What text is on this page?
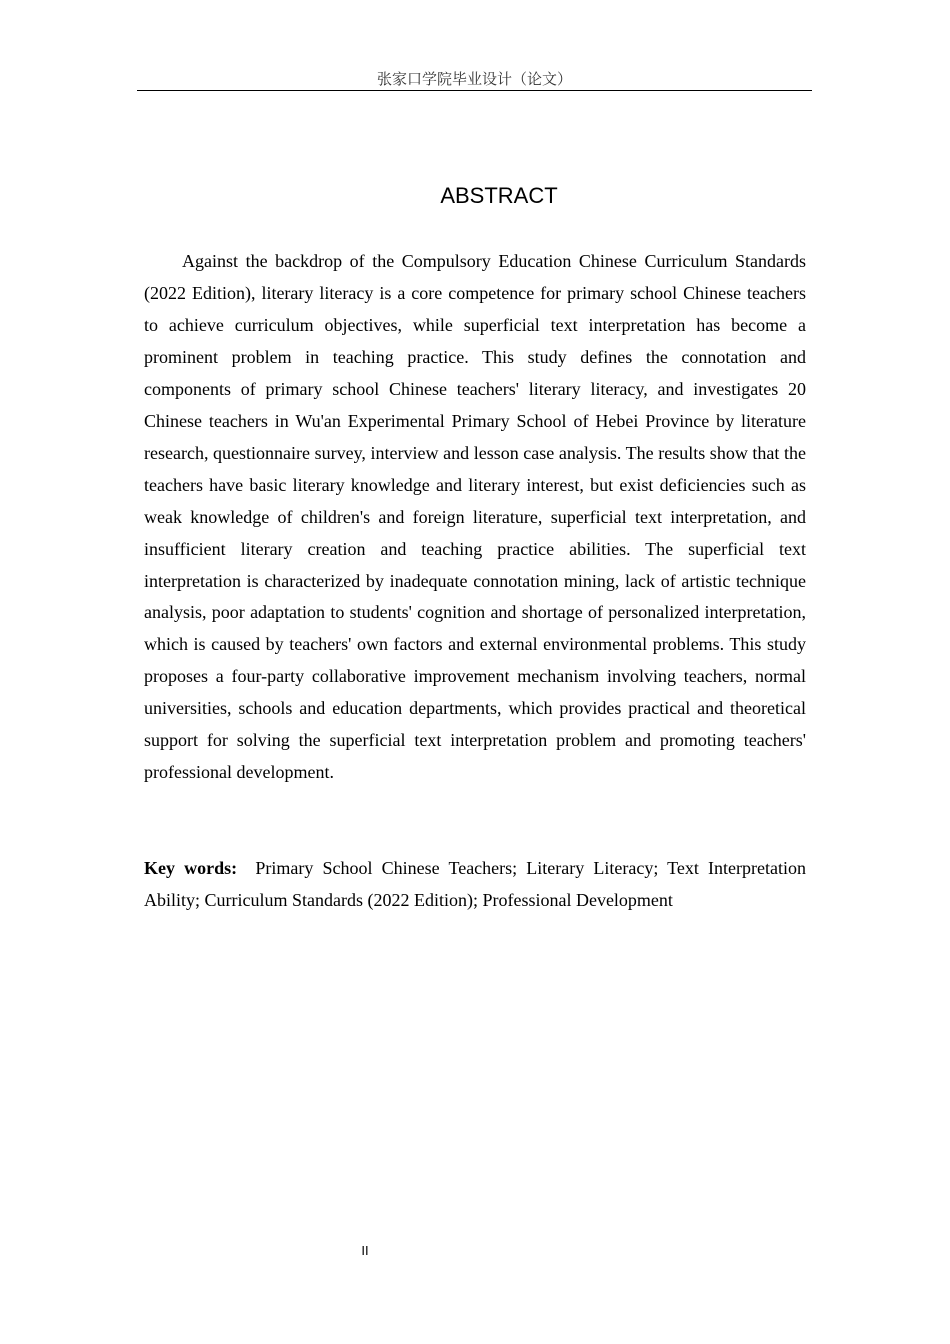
张家口学院毕业设计（论文）
ABSTRACT

Against the backdrop of the Compulsory Education Chinese Curriculum Standards (2022 Edition), literary literacy is a core competence for primary school Chinese teachers to achieve curriculum objectives, while superficial text interpretation has become a prominent problem in teaching practice. This study defines the connotation and components of primary school Chinese teachers' literary literacy, and investigates 20 Chinese teachers in Wu'an Experimental Primary School of Hebei Province by literature research, questionnaire survey, interview and lesson case analysis. The results show that the teachers have basic literary knowledge and literary interest, but exist deficiencies such as weak knowledge of children's and foreign literature, superficial text interpretation, and insufficient literary creation and teaching practice abilities. The superficial text interpretation is characterized by inadequate connotation mining, lack of artistic technique analysis, poor adaptation to students' cognition and shortage of personalized interpretation, which is caused by teachers' own factors and external environmental problems. This study proposes a four-party collaborative improvement mechanism involving teachers, normal universities, schools and education departments, which provides practical and theoretical support for solving the superficial text interpretation problem and promoting teachers' professional development.

Key words: Primary School Chinese Teachers; Literary Literacy; Text Interpretation Ability; Curriculum Standards (2022 Edition); Professional Development

II
